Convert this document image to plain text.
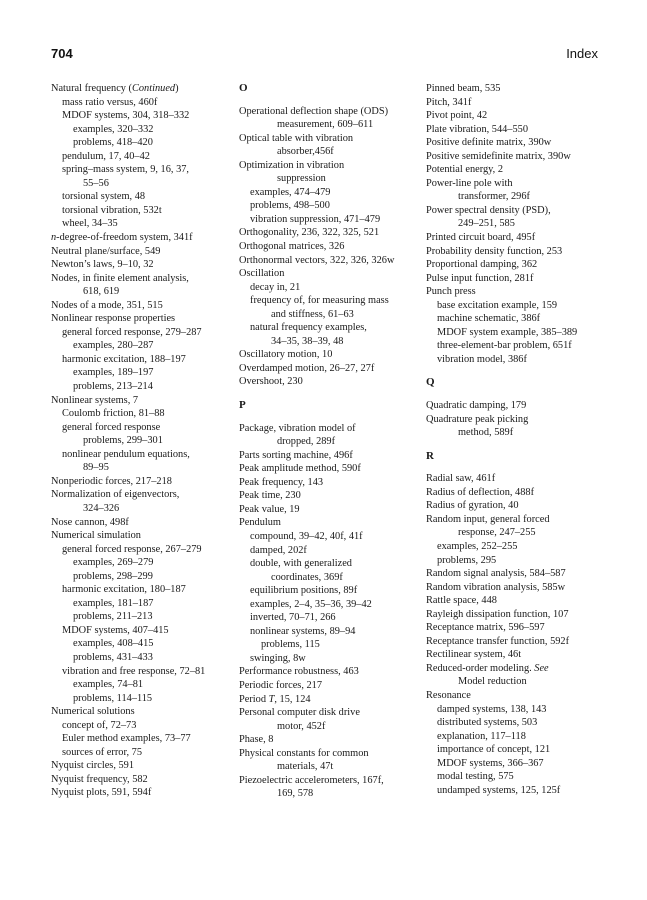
704	Index
Natural frequency (Continued)
mass ratio versus, 460f
MDOF systems, 304, 318–332
examples, 320–332
problems, 418–420
pendulum, 17, 40–42
spring–mass system, 9, 16, 37,
55–56
torsional system, 48
torsional vibration, 532t
wheel, 34–35
n-degree-of-freedom system, 341f
Neutral plane/surface, 549
Newton’s laws, 9–10, 32
Nodes, in finite element analysis,
618, 619
Nodes of a mode, 351, 515
Nonlinear response properties
general forced response, 279–287
examples, 280–287
harmonic excitation, 188–197
examples, 189–197
problems, 213–214
Nonlinear systems, 7
Coulomb friction, 81–88
general forced response
problems, 299–301
nonlinear pendulum equations,
89–95
Nonperiodic forces, 217–218
Normalization of eigenvectors,
324–326
Nose cannon, 498f
Numerical simulation
general forced response, 267–279
examples, 269–279
problems, 298–299
harmonic excitation, 180–187
examples, 181–187
problems, 211–213
MDOF systems, 407–415
examples, 408–415
problems, 431–433
vibration and free response, 72–81
examples, 74–81
problems, 114–115
Numerical solutions
concept of, 72–73
Euler method examples, 73–77
sources of error, 75
Nyquist circles, 591
Nyquist frequency, 582
Nyquist plots, 591, 594f
O
Operational deflection shape (ODS)
measurement, 609–611
Optical table with vibration
absorber,456f
Optimization in vibration
suppression
examples, 474–479
problems, 498–500
vibration suppression, 471–479
Orthogonality, 236, 322, 325, 521
Orthogonal matrices, 326
Orthonormal vectors, 322, 326, 326w
Oscillation
decay in, 21
frequency of, for measuring mass
and stiffness, 61–63
natural frequency examples,
34–35, 38–39, 48
Oscillatory motion, 10
Overdamped motion, 26–27, 27f
Overshoot, 230
P
Package, vibration model of
dropped, 289f
Parts sorting machine, 496f
Peak amplitude method, 590f
Peak frequency, 143
Peak time, 230
Peak value, 19
Pendulum
compound, 39–42, 40f, 41f
damped, 202f
double, with generalized
coordinates, 369f
equilibrium positions, 89f
examples, 2–4, 35–36, 39–42
inverted, 70–71, 266
nonlinear systems, 89–94
problems, 115
swinging, 8w
Performance robustness, 463
Periodic forces, 217
Period T, 15, 124
Personal computer disk drive
motor, 452f
Phase, 8
Physical constants for common
materials, 47t
Piezoelectric accelerometers, 167f,
169, 578
Pinned beam, 535
Pitch, 341f
Pivot point, 42
Plate vibration, 544–550
Positive definite matrix, 390w
Positive semidefinite matrix, 390w
Potential energy, 2
Power-line pole with
transformer, 296f
Power spectral density (PSD),
249–251, 585
Printed circuit board, 495f
Probability density function, 253
Proportional damping, 362
Pulse input function, 281f
Punch press
base excitation example, 159
machine schematic, 386f
MDOF system example, 385–389
three-element-bar problem, 651f
vibration model, 386f
Q
Quadratic damping, 179
Quadrature peak picking
method, 589f
R
Radial saw, 461f
Radius of deflection, 488f
Radius of gyration, 40
Random input, general forced
response, 247–255
examples, 252–255
problems, 295
Random signal analysis, 584–587
Random vibration analysis, 585w
Rattle space, 448
Rayleigh dissipation function, 107
Receptance matrix, 596–597
Receptance transfer function, 592f
Rectilinear system, 46t
Reduced-order modeling. See
Model reduction
Resonance
damped systems, 138, 143
distributed systems, 503
explanation, 117–118
importance of concept, 121
MDOF systems, 366–367
modal testing, 575
undamped systems, 125, 125f
